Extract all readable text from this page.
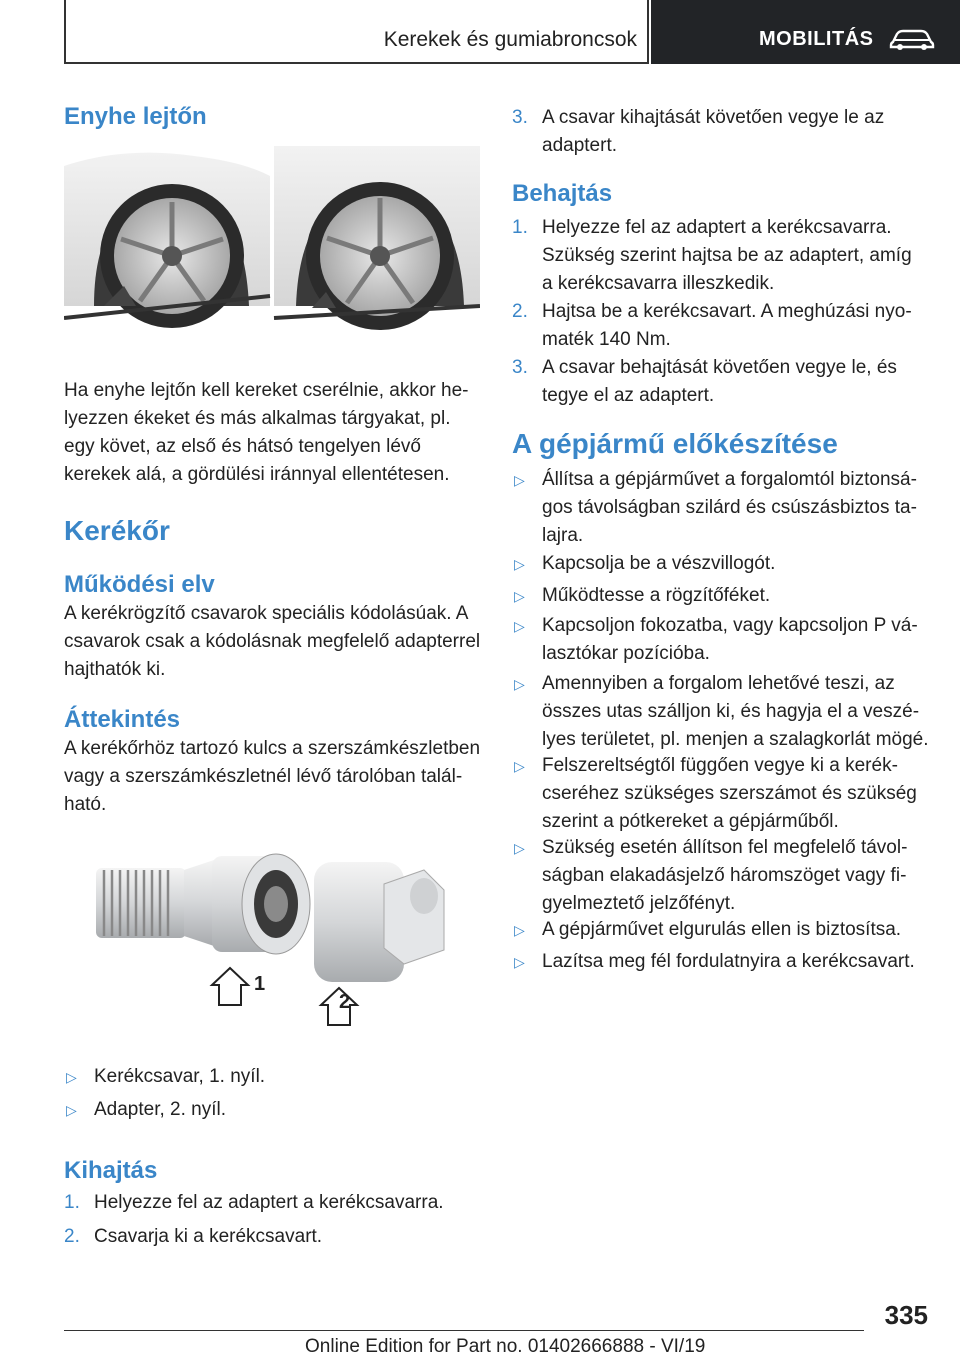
Kerekek és gumiabroncsok	MOBILITÁS
Enyhe lejtőn
Ha enyhe lejtőn kell kereket cserélnie, akkor helyezzen ékeket és más alkalmas tárgyakat, pl. egy követ, az első és hátsó tengelyen lévő kerekek alá, a gördülési iránnyal ellentétesen.
Kerékőr
Működési elv
A kerékrögzítő csavarok speciális kódolásúak. A csavarok csak a kódolásnak megfelelő adapterrel hajthatók ki.
Áttekintés
A kerékőrhöz tartozó kulcs a szerszámkészletben vagy a szerszámkészletnél lévő tárolóban található.
1
2
▷ Kerékcsavar, 1. nyíl.
▷ Adapter, 2. nyíl.
Kihajtás
1. Helyezze fel az adaptert a kerékcsavarra.
2. Csavarja ki a kerékcsavart.
3. A csavar kihajtását követően vegye le az adaptert.
Behajtás
1. Helyezze fel az adaptert a kerékcsavarra. Szükség szerint hajtsa be az adaptert, amíg a kerékcsavarra illeszkedik.
2. Hajtsa be a kerékcsavart. A meghúzási nyomaték 140 Nm.
3. A csavar behajtását követően vegye le, és tegye el az adaptert.
A gépjármű előkészítése
▷ Állítsa a gépjárművet a forgalomtól biztonságos távolságban szilárd és csúszásbiztos talajra.
▷ Kapcsolja be a vészvillogót.
▷ Működtesse a rögzítőféket.
▷ Kapcsoljon fokozatba, vagy kapcsoljon P választókar pozícióba.
▷ Amennyiben a forgalom lehetővé teszi, az összes utas szálljon ki, és hagyja el a veszélyes területet, pl. menjen a szalagkorlát mögé.
▷ Felszereltségtől függően vegye ki a kerékcseréhez szükséges szerszámot és szükség szerint a pótkereket a gépjárműből.
▷ Szükség esetén állítson fel megfelelő távolságban elakadásjelző háromszöget vagy figyelmeztető jelzőfényt.
▷ A gépjárművet elgurulás ellen is biztosítsa.
▷ Lazítsa meg fél fordulatnyira a kerékcsavart.
335
Online Edition for Part no. 01402666888 - VI/19
